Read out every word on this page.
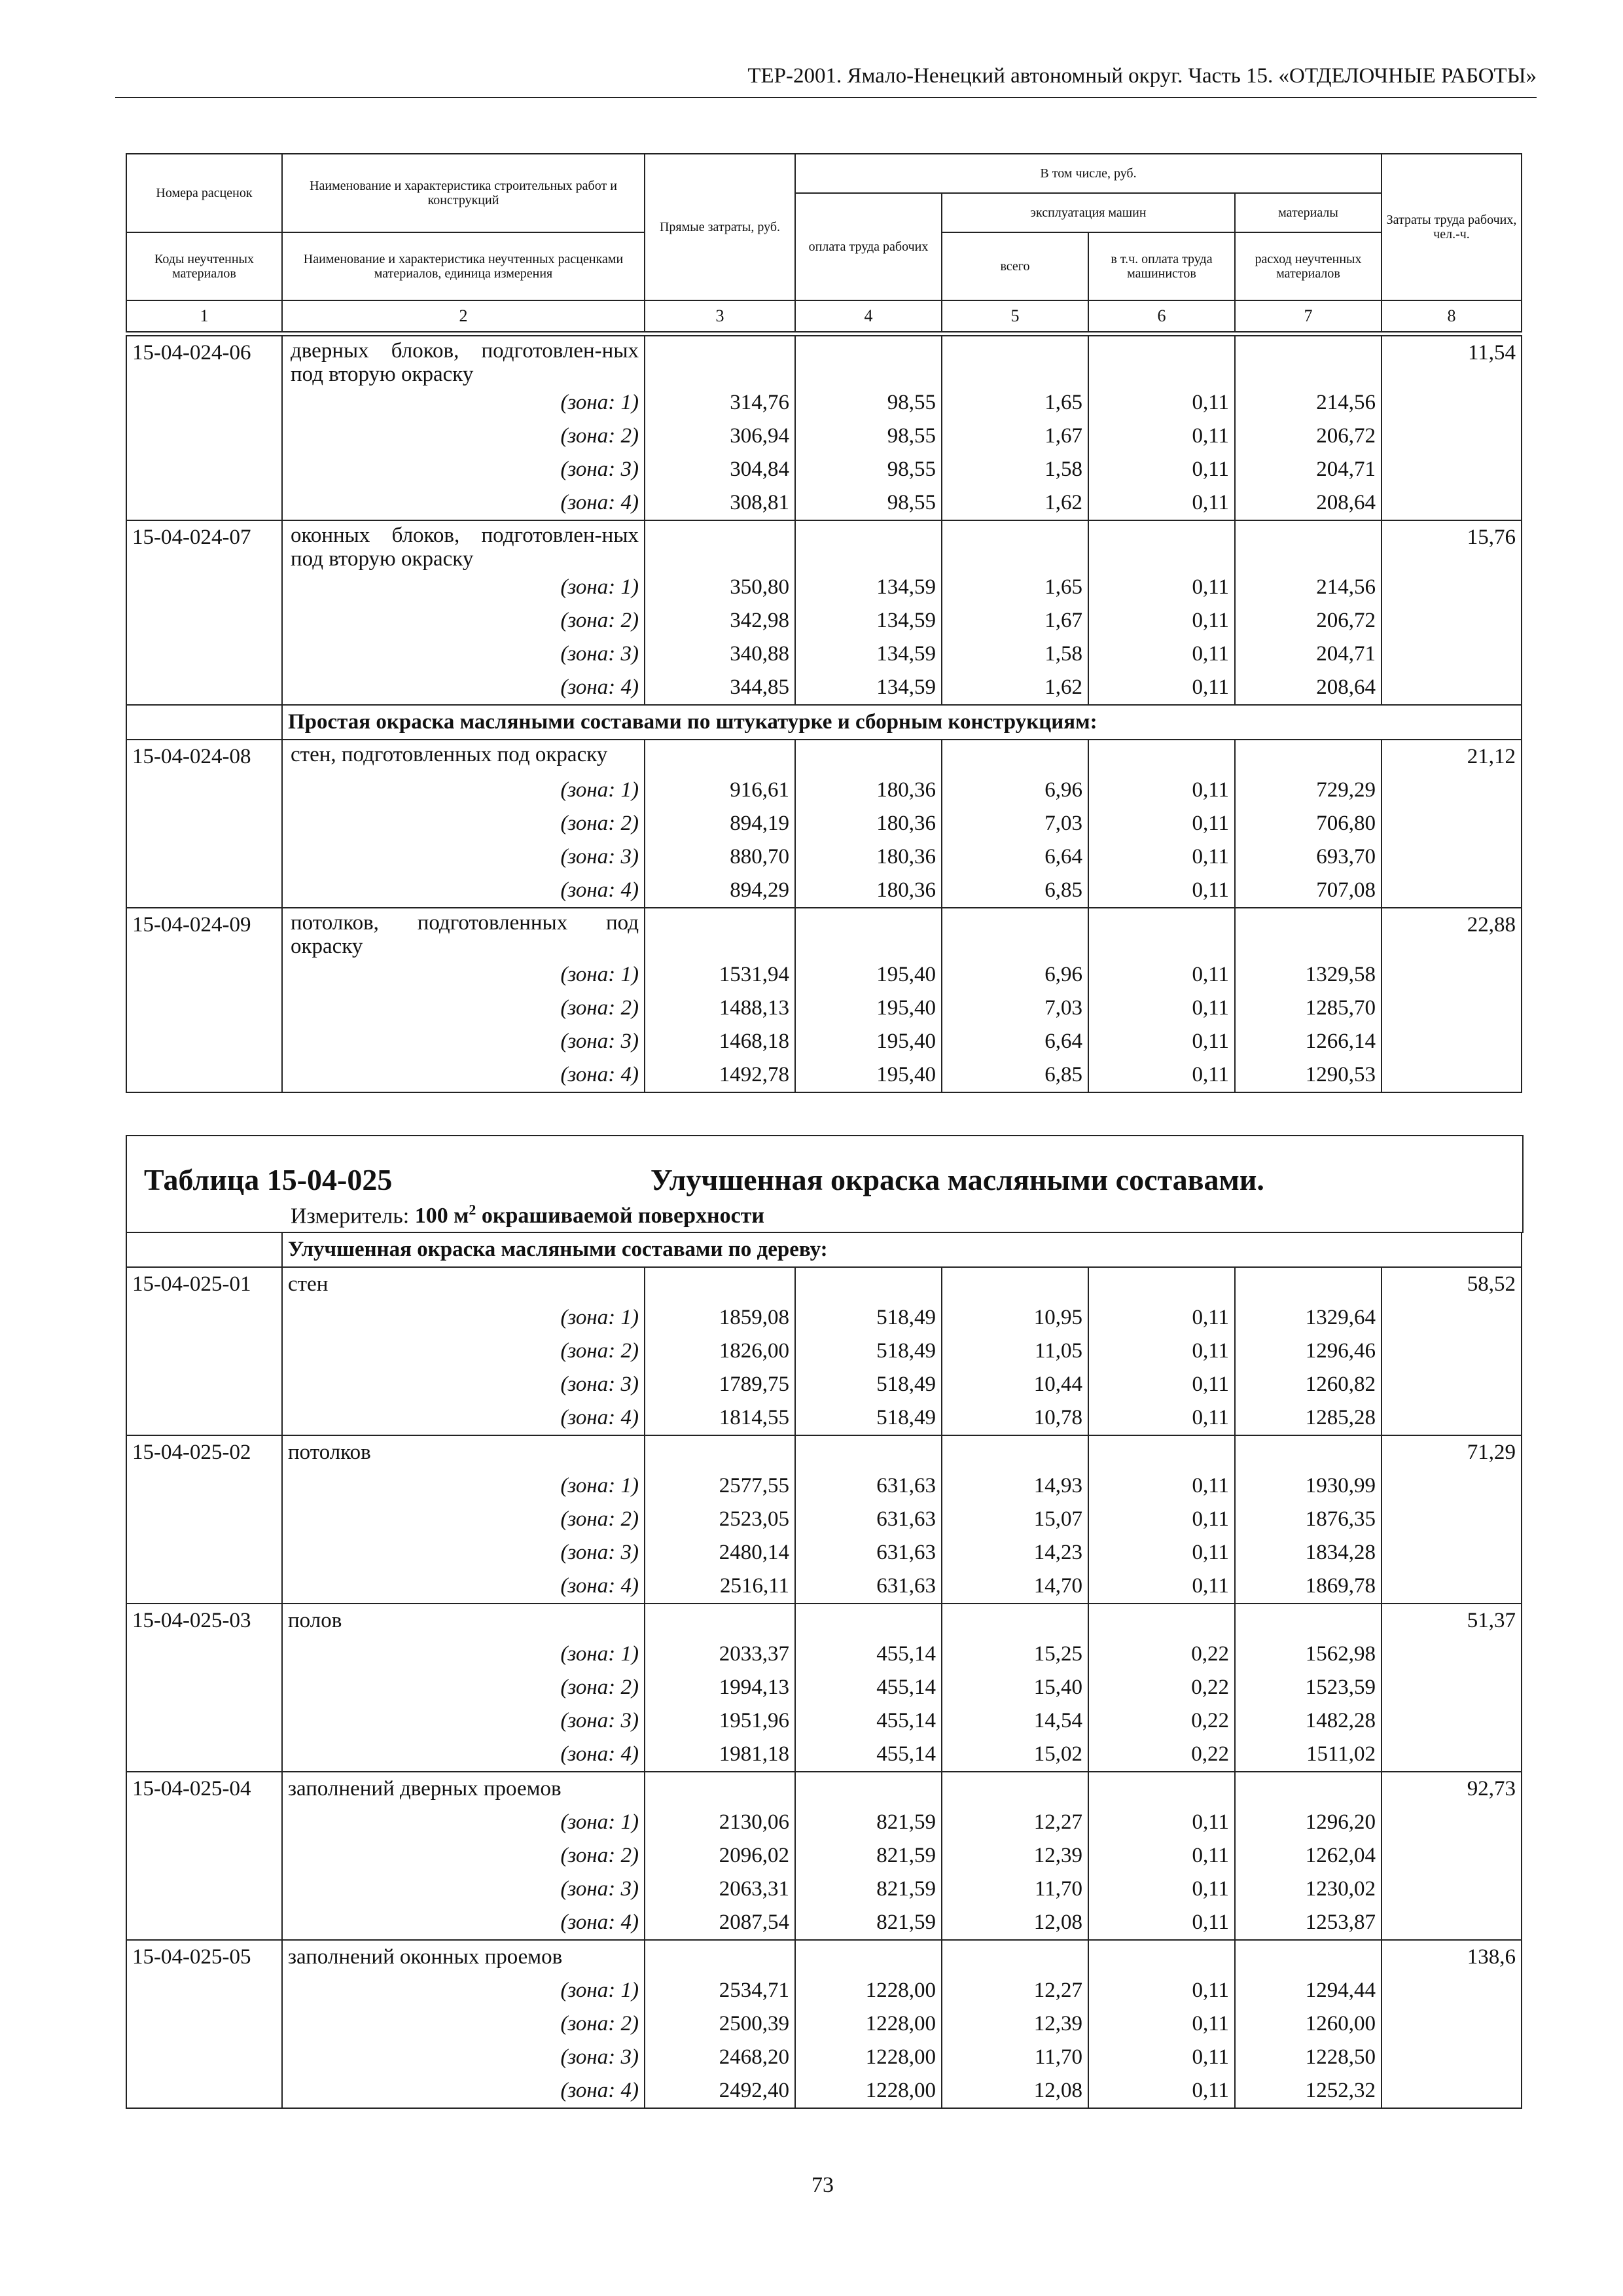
ТЕР-2001. Ямало-Ненецкий автономный округ. Часть 15. «ОТДЕЛОЧНЫЕ РАБОТЫ»
Номера расценок	Наименование и характеристика строительных работ и конструкций	Прямые затраты, руб.	В том числе, руб.				Затраты труда рабочих, чел.-ч.
			оплата труда рабочих	эксплуатация машин		материалы	
Коды неучтенных материалов	Наименование и характеристика неучтенных расценками материалов, единица измерения			всего	в т.ч. оплата труда машинистов	расход неучтенных материалов	
1	2	3	4	5	6	7	8
15-04-024-06	дверных блоков, подготовлен-ных под вторую окраску						11,54
	(зона: 1)	314,76	98,55	1,65	0,11	214,56	
	(зона: 2)	306,94	98,55	1,67	0,11	206,72	
	(зона: 3)	304,84	98,55	1,58	0,11	204,71	
	(зона: 4)	308,81	98,55	1,62	0,11	208,64	
15-04-024-07	оконных блоков, подготовлен-ных под вторую окраску						15,76
	(зона: 1)	350,80	134,59	1,65	0,11	214,56	
	(зона: 2)	342,98	134,59	1,67	0,11	206,72	
	(зона: 3)	340,88	134,59	1,58	0,11	204,71	
	(зона: 4)	344,85	134,59	1,62	0,11	208,64	
	Простая окраска масляными составами по штукатурке и сборным конструкциям:						
15-04-024-08	стен, подготовленных под окраску						21,12
	(зона: 1)	916,61	180,36	6,96	0,11	729,29	
	(зона: 2)	894,19	180,36	7,03	0,11	706,80	
	(зона: 3)	880,70	180,36	6,64	0,11	693,70	
	(зона: 4)	894,29	180,36	6,85	0,11	707,08	
15-04-024-09	потолков, подготовленных под окраску						22,88
	(зона: 1)	1531,94	195,40	6,96	0,11	1329,58	
	(зона: 2)	1488,13	195,40	7,03	0,11	1285,70	
	(зона: 3)	1468,18	195,40	6,64	0,11	1266,14	
	(зона: 4)	1492,78	195,40	6,85	0,11	1290,53	
Таблица 15-04-025	Улучшенная окраска масляными составами.
Измеритель: 100 $м^2$ окрашиваемой поверхности
	Улучшенная окраска масляными составами по дереву:						
15-04-025-01	стен						58,52
	(зона: 1)	1859,08	518,49	10,95	0,11	1329,64	
	(зона: 2)	1826,00	518,49	11,05	0,11	1296,46	
	(зона: 3)	1789,75	518,49	10,44	0,11	1260,82	
	(зона: 4)	1814,55	518,49	10,78	0,11	1285,28	
15-04-025-02	потолков						71,29
	(зона: 1)	2577,55	631,63	14,93	0,11	1930,99	
	(зона: 2)	2523,05	631,63	15,07	0,11	1876,35	
	(зона: 3)	2480,14	631,63	14,23	0,11	1834,28	
	(зона: 4)	2516,11	631,63	14,70	0,11	1869,78	
15-04-025-03	полов						51,37
	(зона: 1)	2033,37	455,14	15,25	0,22	1562,98	
	(зона: 2)	1994,13	455,14	15,40	0,22	1523,59	
	(зона: 3)	1951,96	455,14	14,54	0,22	1482,28	
	(зона: 4)	1981,18	455,14	15,02	0,22	1511,02	
15-04-025-04	заполнений дверных проемов						92,73
	(зона: 1)	2130,06	821,59	12,27	0,11	1296,20	
	(зона: 2)	2096,02	821,59	12,39	0,11	1262,04	
	(зона: 3)	2063,31	821,59	11,70	0,11	1230,02	
	(зона: 4)	2087,54	821,59	12,08	0,11	1253,87	
15-04-025-05	заполнений оконных проемов						138,6
	(зона: 1)	2534,71	1228,00	12,27	0,11	1294,44	
	(зона: 2)	2500,39	1228,00	12,39	0,11	1260,00	
	(зона: 3)	2468,20	1228,00	11,70	0,11	1228,50	
	(зона: 4)	2492,40	1228,00	12,08	0,11	1252,32	
73
